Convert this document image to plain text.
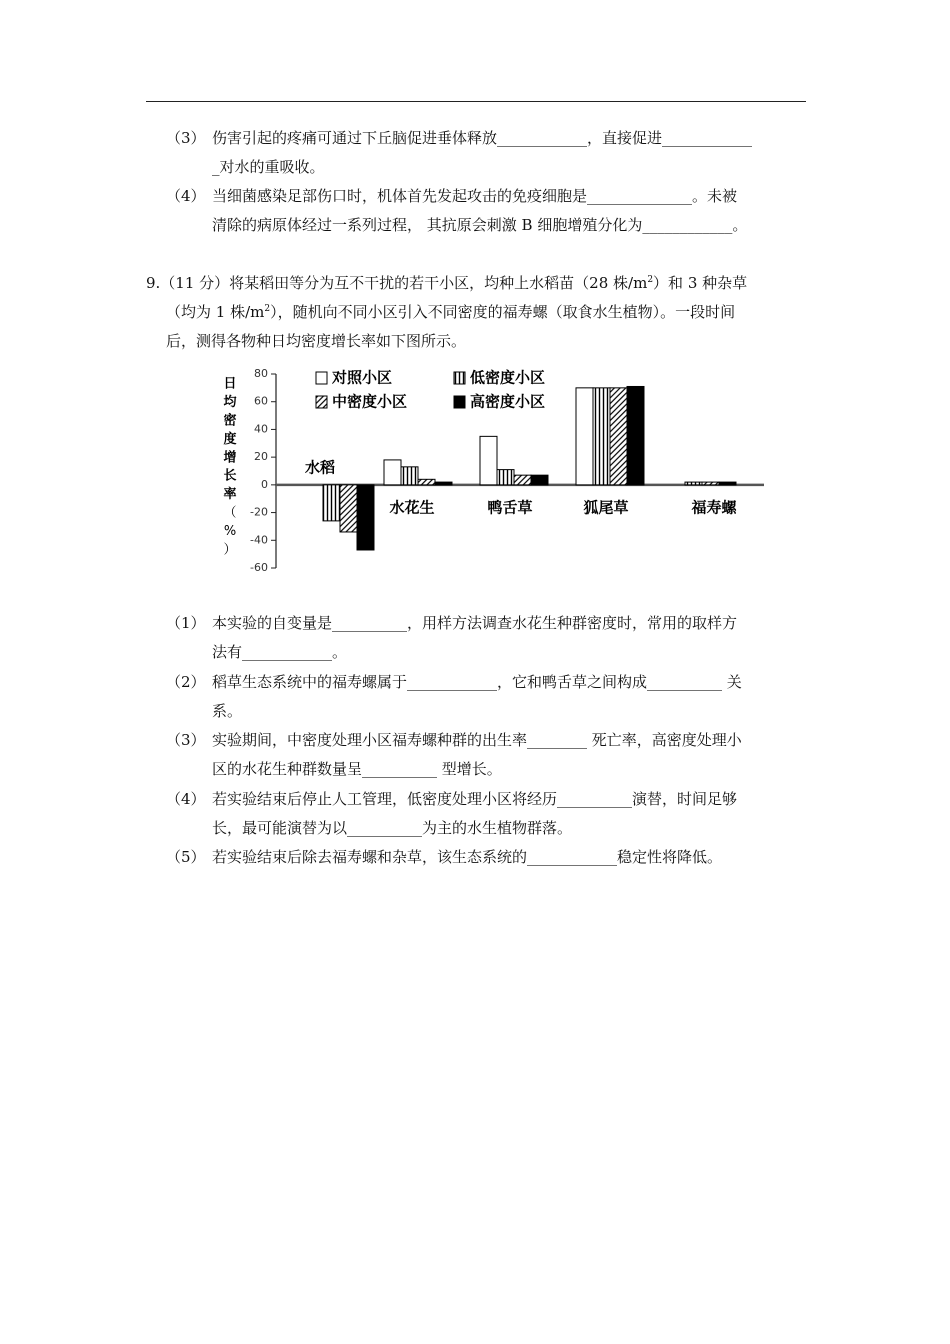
（3） 伤害引起的疼痛可通过下丘脑促进垂体释放____________，直接促进____________
_对水的重吸收。
（4） 当细菌感染足部伤口时，机体首先发起攻击的免疫细胞是______________。未被
清除的病原体经过一系列过程， 其抗原会刺激 B 细胞增殖分化为____________。
9.（11 分）将某稻田等分为互不干扰的若干小区，均种上水稻苗（28 株$/m^2$）和 3 种杂草
（均为 1 株$/m^2$），随机向不同小区引入不同密度的福寿螺（取食水生植物）。一段时间
后，测得各物种日均密度增长率如下图所示。
日
均
密
度
增
长
率
（
%
）
80
60
40
20
0
-20
-40
-60
对照小区	低密度小区
中密度小区	高密度小区
水稻
水花生	鸭舌草	狐尾草	福寿螺
（1） 本实验的自变量是__________，用样方法调查水花生种群密度时，常用的取样方
法有____________。
（2） 稻草生态系统中的福寿螺属于____________，它和鸭舌草之间构成__________ 关
系。
（3） 实验期间，中密度处理小区福寿螺种群的出生率________ 死亡率，高密度处理小
区的水花生种群数量呈__________ 型增长。
（4） 若实验结束后停止人工管理，低密度处理小区将经历__________演替，时间足够
长，最可能演替为以__________为主的水生植物群落。
（5） 若实验结束后除去福寿螺和杂草，该生态系统的____________稳定性将降低。
